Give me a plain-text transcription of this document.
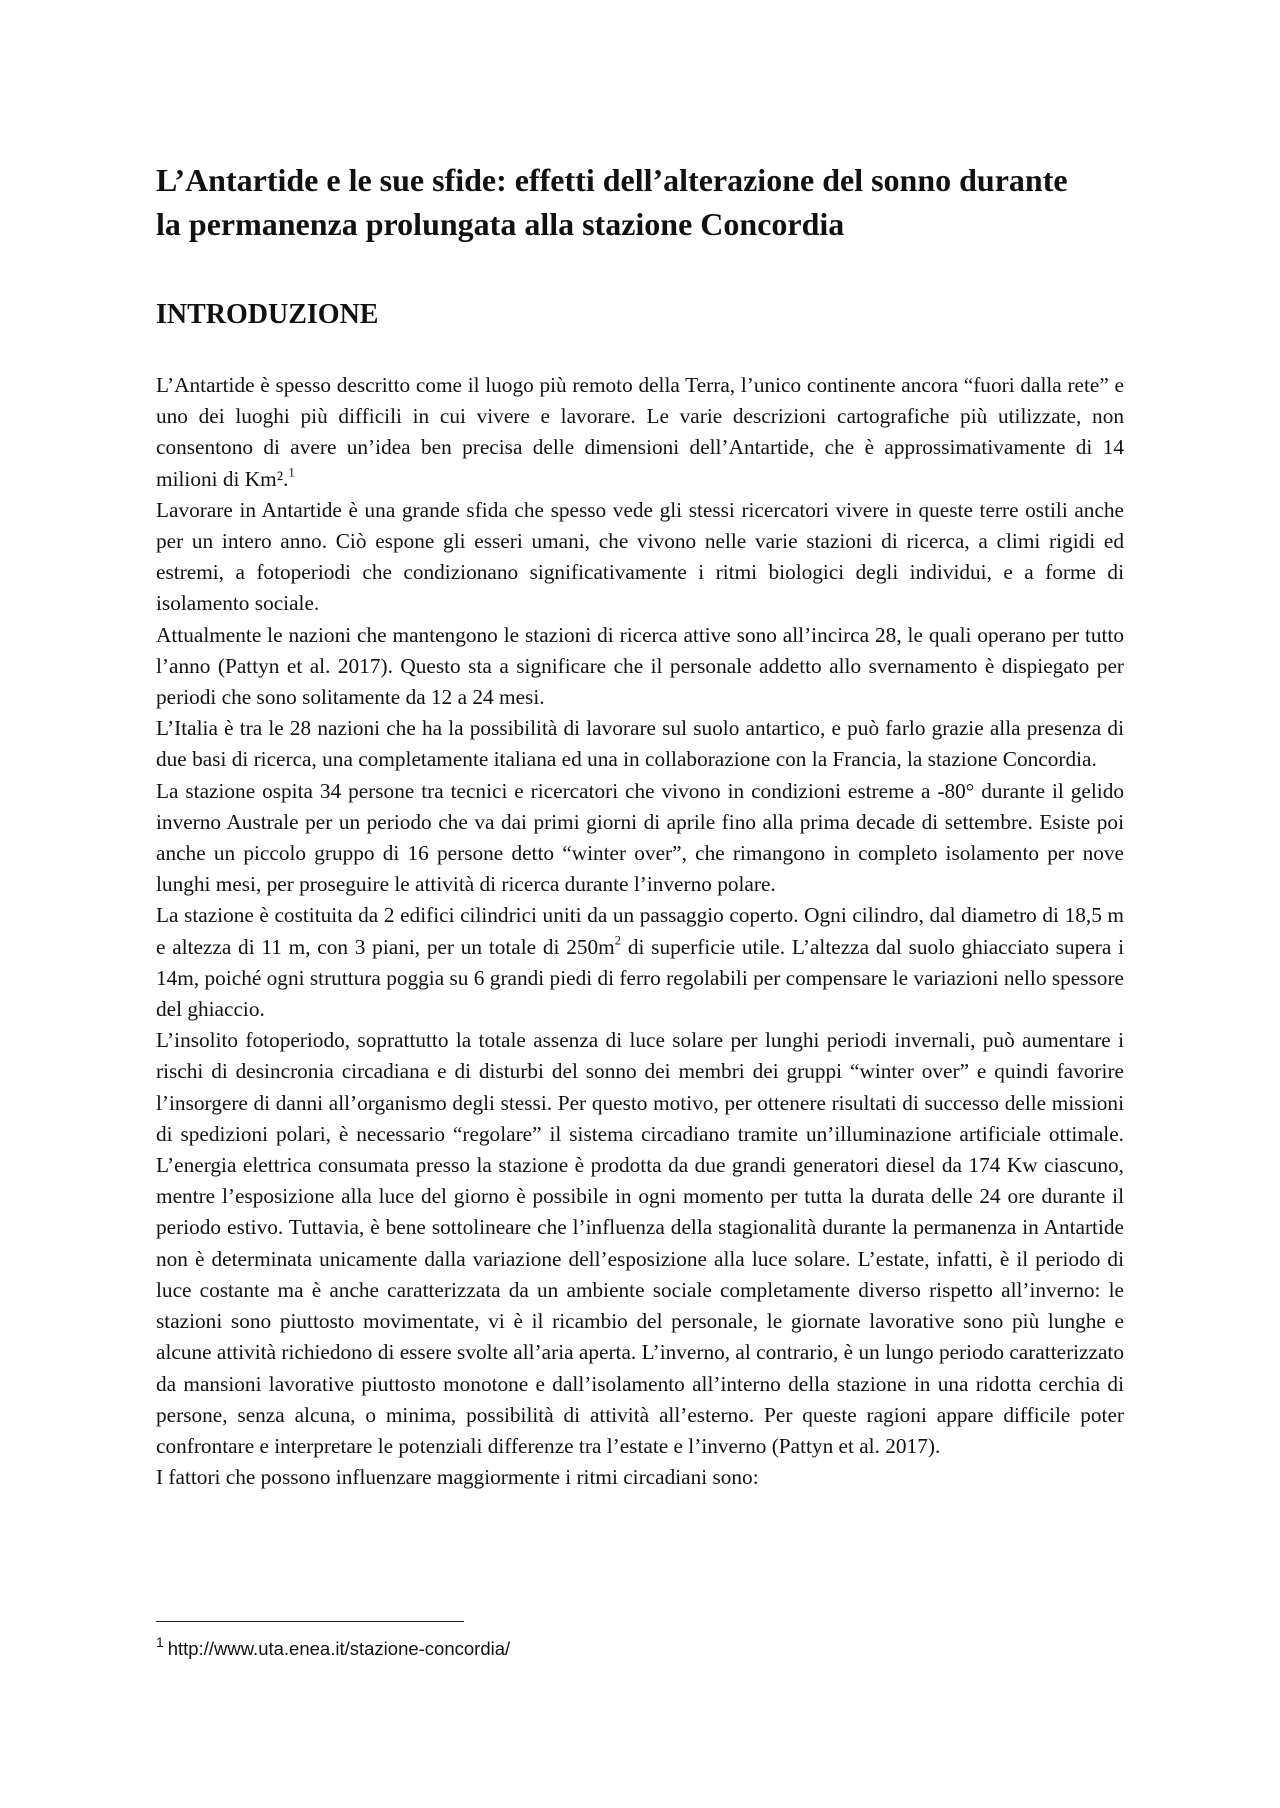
L’Antartide e le sue sfide: effetti dell’alterazione del sonno durante la permanenza prolungata alla stazione Concordia
INTRODUZIONE

L’Antartide è spesso descritto come il luogo più remoto della Terra, l’unico continente ancora “fuori dalla rete” e uno dei luoghi più difficili in cui vivere e lavorare. Le varie descrizioni cartografiche più utilizzate, non consentono di avere un’idea ben precisa delle dimensioni dell’Antartide, che è approssimativamente di 14 milioni di Km².$^1$

Lavorare in Antartide è una grande sfida che spesso vede gli stessi ricercatori vivere in queste terre ostili anche per un intero anno. Ciò espone gli esseri umani, che vivono nelle varie stazioni di ricerca, a climi rigidi ed estremi, a fotoperiodi che condizionano significativamente i ritmi biologici degli individui, e a forme di isolamento sociale.

Attualmente le nazioni che mantengono le stazioni di ricerca attive sono all’incirca 28, le quali operano per tutto l’anno (Pattyn et al. 2017). Questo sta a significare che il personale addetto allo svernamento è dispiegato per periodi che sono solitamente da 12 a 24 mesi.

L’Italia è tra le 28 nazioni che ha la possibilità di lavorare sul suolo antartico, e può farlo grazie alla presenza di due basi di ricerca, una completamente italiana ed una in collaborazione con la Francia, la stazione Concordia.

La stazione ospita 34 persone tra tecnici e ricercatori che vivono in condizioni estreme a -80° durante il gelido inverno Australe per un periodo che va dai primi giorni di aprile fino alla prima decade di settembre. Esiste poi anche un piccolo gruppo di 16 persone detto “winter over”, che rimangono in completo isolamento per nove lunghi mesi, per proseguire le attività di ricerca durante l’inverno polare.

La stazione è costituita da 2 edifici cilindrici uniti da un passaggio coperto. Ogni cilindro, dal diametro di 18,5 m e altezza di 11 m, con 3 piani, per un totale di $250m^2$ di superficie utile. L’altezza dal suolo ghiacciato supera i 14m, poiché ogni struttura poggia su 6 grandi piedi di ferro regolabili per compensare le variazioni nello spessore del ghiaccio.

L’insolito fotoperiodo, soprattutto la totale assenza di luce solare per lunghi periodi invernali, può aumentare i rischi di desincronia circadiana e di disturbi del sonno dei membri dei gruppi “winter over” e quindi favorire l’insorgere di danni all’organismo degli stessi. Per questo motivo, per ottenere risultati di successo delle missioni di spedizioni polari, è necessario “regolare” il sistema circadiano tramite un’illuminazione artificiale ottimale. L’energia elettrica consumata presso la stazione è prodotta da due grandi generatori diesel da 174 Kw ciascuno, mentre l’esposizione alla luce del giorno è possibile in ogni momento per tutta la durata delle 24 ore durante il periodo estivo. Tuttavia, è bene sottolineare che l’influenza della stagionalità durante la permanenza in Antartide non è determinata unicamente dalla variazione dell’esposizione alla luce solare. L’estate, infatti, è il periodo di luce costante ma è anche caratterizzata da un ambiente sociale completamente diverso rispetto all’inverno: le stazioni sono piuttosto movimentate, vi è il ricambio del personale, le giornate lavorative sono più lunghe e alcune attività richiedono di essere svolte all’aria aperta. L’inverno, al contrario, è un lungo periodo caratterizzato da mansioni lavorative piuttosto monotone e dall’isolamento all’interno della stazione in una ridotta cerchia di persone, senza alcuna, o minima, possibilità di attività all’esterno. Per queste ragioni appare difficile poter confrontare e interpretare le potenziali differenze tra l’estate e l’inverno (Pattyn et al. 2017).

I fattori che possono influenzare maggiormente i ritmi circadiani sono:

$^1$ http://www.uta.enea.it/stazione-concordia/
